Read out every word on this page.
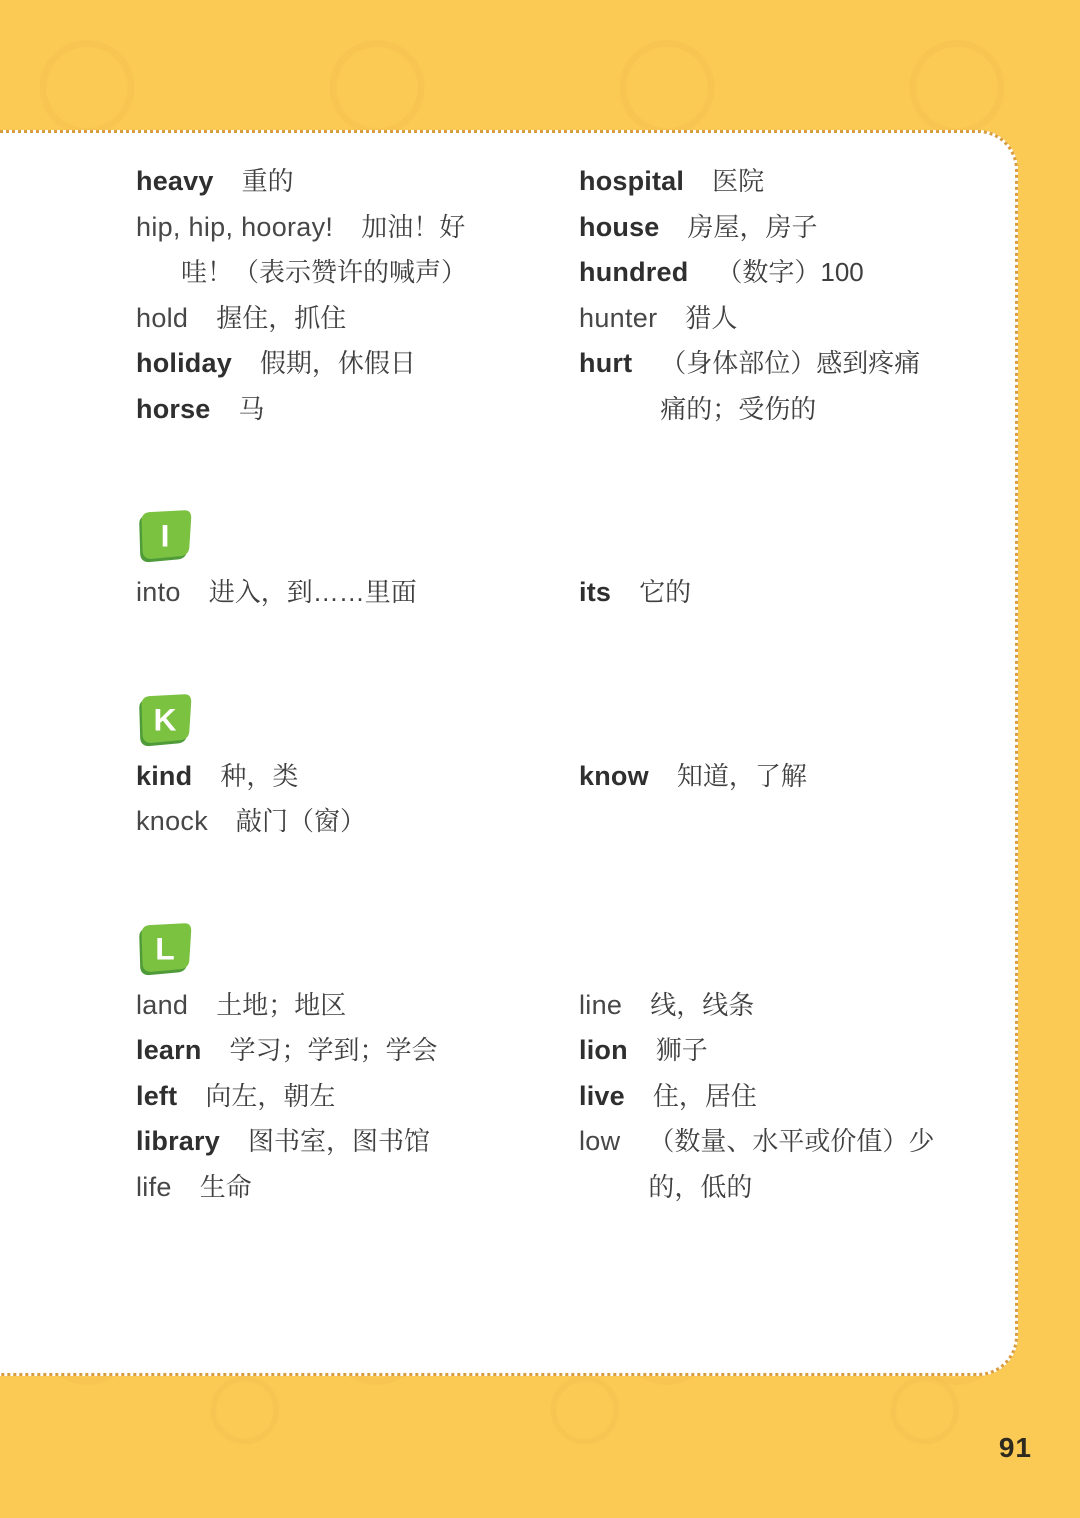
heavy 重的
hip, hip, hooray! 加油！好
哇！（表示赞许的喊声）
hold 握住，抓住
holiday 假期，休假日
horse 马
hospital 医院
house 房屋，房子
hundred （数字）100
hunter 猎人
hurt （身体部位）感到疼痛
痛的；受伤的
I
into 进入，到……里面	its 它的
K
kind 种，类
knock 敲门（窗）
know 知道，了解
L
land 土地；地区
learn 学习；学到；学会
left 向左，朝左
library 图书室，图书馆
life 生命
line 线，线条
lion 狮子
live 住，居住
low （数量、水平或价值）少
的，低的
91
